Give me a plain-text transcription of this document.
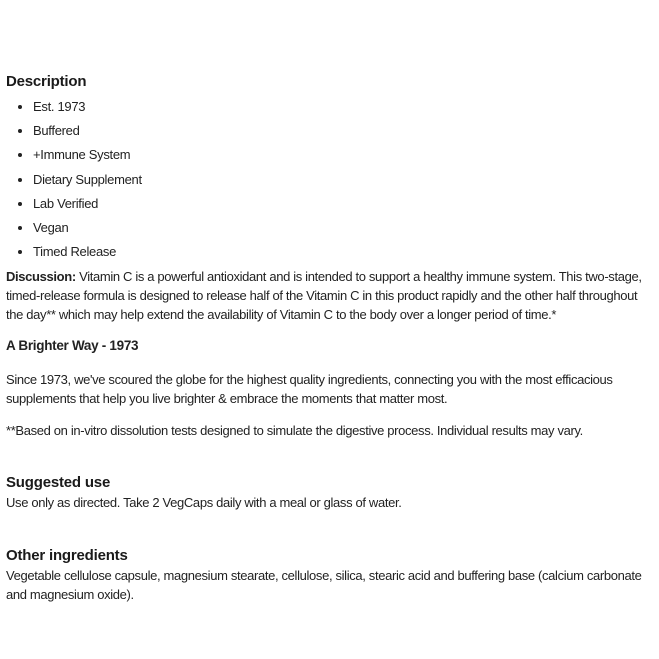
Description
• Est. 1973
• Buffered
• +Immune System
• Dietary Supplement
• Lab Verified
• Vegan
• Timed Release

Discussion: Vitamin C is a powerful antioxidant and is intended to support a healthy immune system. This two-stage, timed-release formula is designed to release half of the Vitamin C in this product rapidly and the other half throughout the day** which may help extend the availability of Vitamin C to the body over a longer period of time.*

A Brighter Way - 1973

Since 1973, we've scoured the globe for the highest quality ingredients, connecting you with the most efficacious supplements that help you live brighter & embrace the moments that matter most.

**Based on in-vitro dissolution tests designed to simulate the digestive process. Individual results may vary.

Suggested use

Use only as directed. Take 2 VegCaps daily with a meal or glass of water.

Other ingredients

Vegetable cellulose capsule, magnesium stearate, cellulose, silica, stearic acid and buffering base (calcium carbonate and magnesium oxide).
